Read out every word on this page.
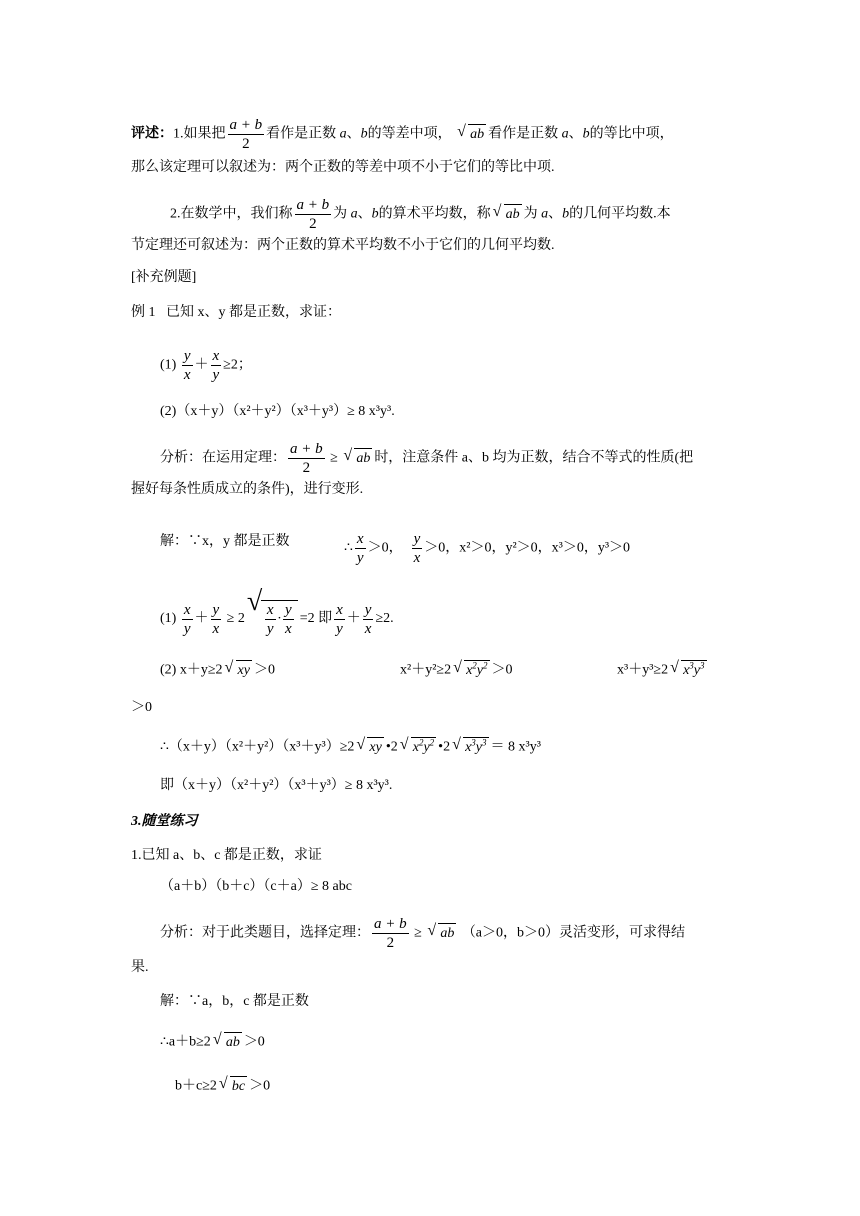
评述：1.如果把 $\frac{a + b}{2}$ 看作是正数 a、b的等差中项， √ ab 看作是正数 a、b的等比中项，
那么该定理可以叙述为：两个正数的等差中项不小于它们的等比中项.
2.在数学中，我们称 $\frac{a + b}{2}$ 为 a、b的算术平均数，称 √ ab 为 a、b的几何平均数.本
节定理还可叙述为：两个正数的算术平均数不小于它们的几何平均数.
[补充例题]
例 1 已知 x、y 都是正数，求证：
$(1) \frac{y}{x} + \frac{x}{y} \ge 2$；
(2)（x＋y）（x²＋y²）（x³＋y³）≥ 8 x³y³.
分析：在运用定理： $\frac{a + b}{2}$ ≥ √ ab 时，注意条件 a、b 均为正数，结合不等式的性质(把
握好每条性质成立的条件)，进行变形.
解：∵x，y 都是正数	∴ $\frac{x}{y} >0$， $\frac{y}{x} >0$，x²＞0，y²＞0，x³＞0，y³＞0
$(1) \frac{x}{y} + \frac{y}{x} \ge 2$
√ $\frac{x}{y} \cdot \frac{y}{x} =2$ 即 $\frac{x}{y} + \frac{y}{x} \ge 2$.
(2) x＋y≥2 √ xy ＞0	x²＋y²≥2 √ $x^2y^2 >0$	x³＋y³≥2 √ $x^3y^3$
＞0
∴（x＋y）（x²＋y²）（x³＋y³）≥2 √ xy •2 √ $x^2y^2$ •2 √ $x^3y^3 = 8$ x³y³
即（x＋y）（x²＋y²）（x³＋y³）≥ 8 x³y³.
3.随堂练习
1.已知 a、b、c 都是正数，求证
（a＋b）（b＋c）（c＋a）≥ 8 abc
分析：对于此类题目，选择定理： $\frac{a + b}{2}$ ≥ √ ab （a＞0，b＞0）灵活变形，可求得结
果.
解：∵a，b，c 都是正数
∴a＋b≥2 √ ab ＞0
b＋c≥2 √ bc ＞0
